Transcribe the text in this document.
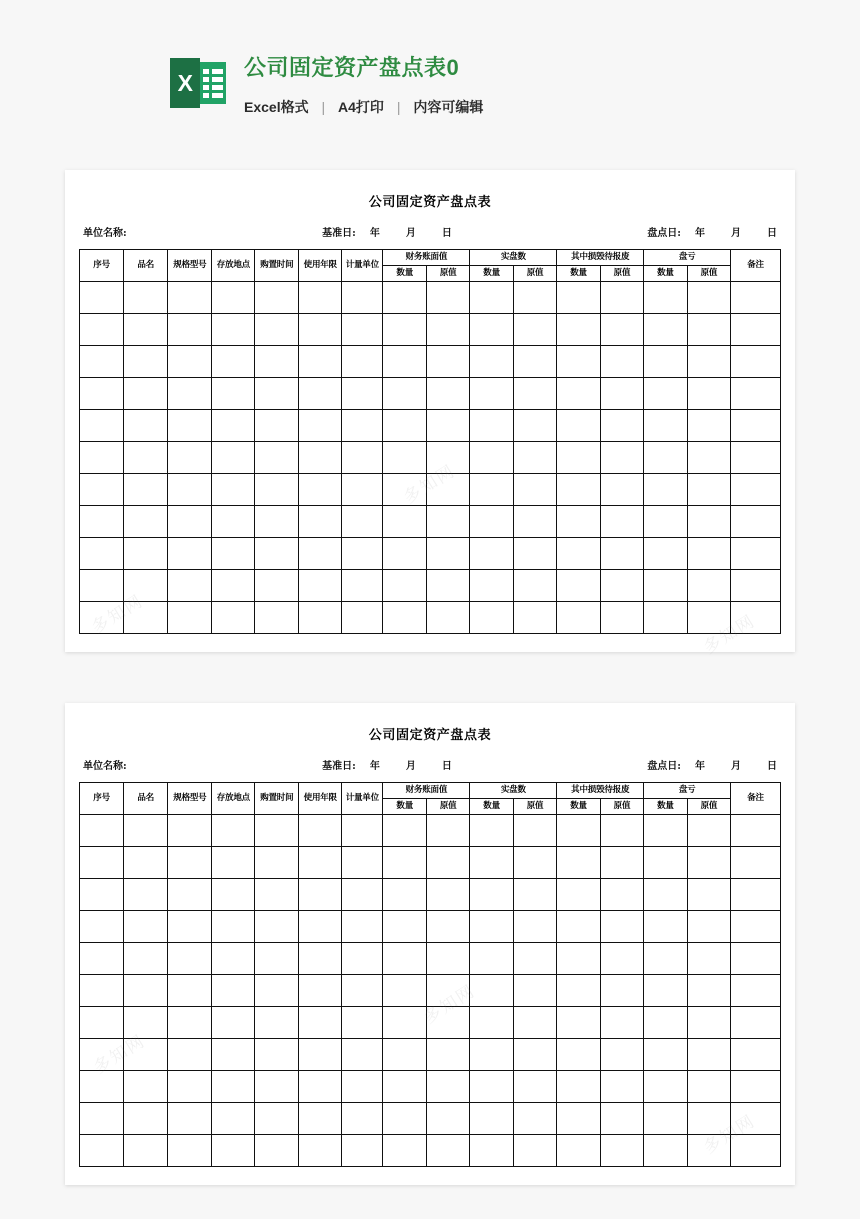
X
公司固定资产盘点表0
Excel格式 | A4打印 | 内容可编辑
公司固定资产盘点表
单位名称:	基准日: 年	月	日	盘点日: 年	月	日
序号	品名	规格型号	存放地点	购置时间	使用年限	计量单位	财务账面值		实盘数		其中损毁待报废		盘亏		备注
							数量	原值	数量	原值	数量	原值	数量	原值	

公司固定资产盘点表
单位名称:	基准日: 年	月	日	盘点日: 年	月	日
序号	品名	规格型号	存放地点	购置时间	使用年限	计量单位	财务账面值		实盘数		其中损毁待报废		盘亏		备注
							数量	原值	数量	原值	数量	原值	数量	原值	
